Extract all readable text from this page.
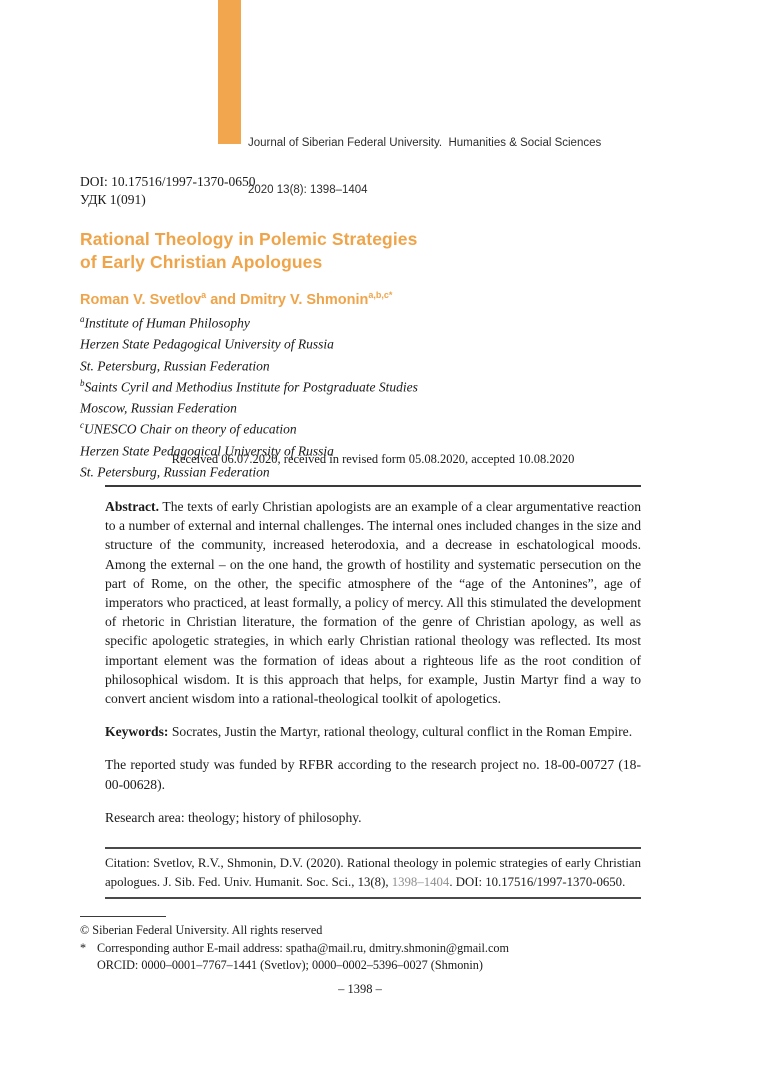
Journal of Siberian Federal University.  Humanities & Social Sciences

2020 13(8): 1398–1404

DOI: 10.17516/1997-1370-0650
УДК 1(091)
Rational Theology in Polemic Strategies
of Early Christian Apologues
Roman V. Svetlov$^a$ and Dmitry V. Shmonin$^{a,b,c*}$
$^a$Institute of Human Philosophy
Herzen State Pedagogical University of Russia
St. Petersburg, Russian Federation
$^b$Saints Cyril and Methodius Institute for Postgraduate Studies
Moscow, Russian Federation
$^c$UNESCO Chair on theory of education
Herzen State Pedagogical University of Russia
St. Petersburg, Russian Federation
Received 06.07.2020, received in revised form 05.08.2020, accepted 10.08.2020

Abstract. The texts of early Christian apologists are an example of a clear argumentative reaction to a number of external and internal challenges. The internal ones included changes in the size and structure of the community, increased heterodoxia, and a decrease in eschatological moods. Among the external – on the one hand, the growth of hostility and systematic persecution on the part of Rome, on the other, the specific atmosphere of the “age of the Antonines”, age of imperators who practiced, at least formally, a policy of mercy. All this stimulated the development of rhetoric in Christian literature, the formation of the genre of Christian apology, as well as specific apologetic strategies, in which early Christian rational theology was reflected. Its most important element was the formation of ideas about a righteous life as the root condition of philosophical wisdom. It is this approach that helps, for example, Justin Martyr find a way to convert ancient wisdom into a rational-theological toolkit of apologetics.

Keywords: Socrates, Justin the Martyr, rational theology, cultural conflict in the Roman Empire.

The reported study was funded by RFBR according to the research project no. 18-00-00727 (18-00-00628).

Research area: theology; history of philosophy.

Citation: Svetlov, R.V., Shmonin, D.V. (2020). Rational theology in polemic strategies of early Christian apologues. J. Sib. Fed. Univ. Humanit. Soc. Sci., 13(8), 1398–1404. DOI: 10.17516/1997-1370-0650.
© Siberian Federal University. All rights reserved
* Corresponding author E-mail address: spatha@mail.ru, dmitry.shmonin@gmail.com
ORCID: 0000–0001–7767–1441 (Svetlov); 0000–0002–5396–0027 (Shmonin)
– 1398 –
